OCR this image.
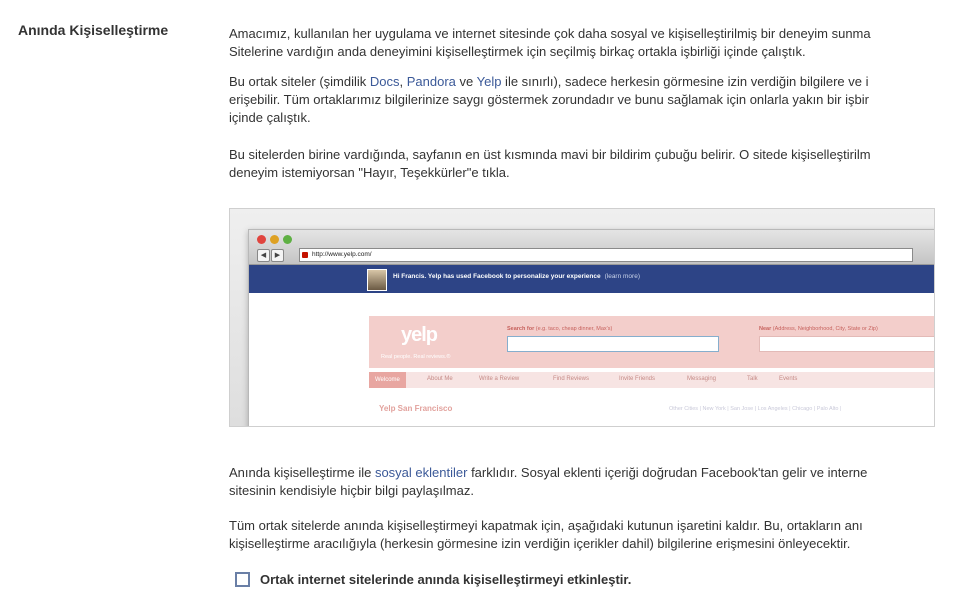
Anında Kişiselleştirme	Amacımız, kullanılan her uygulama ve internet sitesinde çok daha sosyal ve kişiselleştirilmiş bir deneyim sunma
Sitelerine vardığın anda deneyimini kişiselleştirmek için seçilmiş birkaç ortakla işbirliği içinde çalıştık.

Bu ortak siteler (şimdilik Docs, Pandora ve Yelp ile sınırlı), sadece herkesin görmesine izin verdiğin bilgilere ve i
erişebilir. Tüm ortaklarımız bilgilerinize saygı göstermek zorundadır ve bunu sağlamak için onlarla yakın bir işbir
içinde çalıştık.

Bu sitelerden birine vardığında, sayfanın en üst kısmında mavi bir bildirim çubuğu belirir. O sitede kişiselleştirilm
deneyim istemiyorsan "Hayır, Teşekkürler"e tıkla.

◀	▶	http://www.yelp.com/
Hi Francis. Yelp has used Facebook to personalize your experience (learn more)
yelp
Real people. Real reviews.®
Search for (e.g. taco, cheap dinner, Max's)	Near (Address, Neighborhood, City, State or Zip)
Welcome	About Me	Write a Review	Find Reviews	Invite Friends	Messaging	Talk	Events
Yelp San Francisco	Other Cities | New York | San Jose | Los Angeles | Chicago | Palo Alto |

Anında kişiselleştirme ile sosyal eklentiler farklıdır. Sosyal eklenti içeriği doğrudan Facebook'tan gelir ve interne
sitesinin kendisiyle hiçbir bilgi paylaşılmaz.

Tüm ortak sitelerde anında kişiselleştirmeyi kapatmak için, aşağıdaki kutunun işaretini kaldır. Bu, ortakların anı
kişiselleştirme aracılığıyla (herkesin görmesine izin verdiğin içerikler dahil) bilgilerine erişmesini önleyecektir.

Ortak internet sitelerinde anında kişiselleştirmeyi etkinleştir.
